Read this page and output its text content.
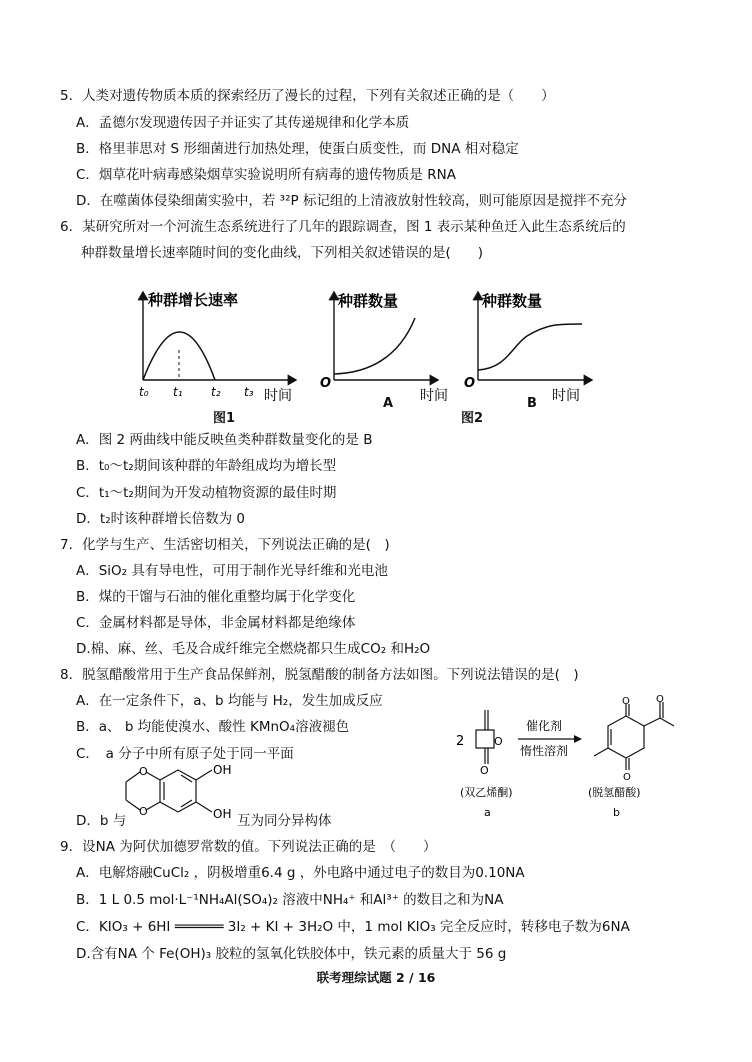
5．人类对遗传物质本质的探索经历了漫长的过程，下列有关叙述正确的是（　　）
A．孟德尔发现遗传因子并证实了其传递规律和化学本质
B．格里菲思对 S 形细菌进行加热处理，使蛋白质变性，而 DNA 相对稳定
C．烟草花叶病毒感染烟草实验说明所有病毒的遗传物质是 RNA
D．在噬菌体侵染细菌实验中，若 ³²P 标记组的上清液放射性较高，则可能原因是搅拌不充分
6．某研究所对一个河流生态系统进行了几年的跟踪调查，图 1 表示某种鱼迁入此生态系统后的
种群数量增长速率随时间的变化曲线，下列相关叙述错误的是(　　)
种群增长速率
时间
t₀ t₁ t₂ t₃
图1
种群数量
O
时间
A
种群数量
O
时间
图2
B
A．图 2 两曲线中能反映鱼类种群数量变化的是 B
B．t₀～t₂期间该种群的年龄组成均为增长型
C．t₁～t₂期间为开发动植物资源的最佳时期
D．t₂时该种群增长倍数为 0
7．化学与生产、生活密切相关，下列说法正确的是(　)
A．SiO₂ 具有导电性，可用于制作光导纤维和光电池
B．煤的干馏与石油的催化重整均属于化学变化
C．金属材料都是导体，非金属材料都是绝缘体
D.棉、麻、丝、毛及合成纤维完全燃烧都只生成CO₂ 和H₂O
8．脱氢醋酸常用于生产食品保鲜剂，脱氢醋酸的制备方法如图。下列说法错误的是(　)
A．在一定条件下，a、b 均能与 H₂，发生加成反应
B．a、 b 均能使溴水、酸性 KMnO₄溶液褪色
C．　a 分子中所有原子处于同一平面
O
O
OH
OH
D．b 与	互为同分异构体
2	O
O
催化剂
惰性溶剂
O	O
O
(双乙烯酮)	(脱氢醋酸)
a	b
9．设NA 为阿伏加德罗常数的值。下列说法正确的是　（　　）
A．电解熔融CuCl₂ ，阴极增重6.4 g ，外电路中通过电子的数目为0.10NA
B．1 L 0.5 mol·L⁻¹NH₄Al(SO₄)₂ 溶液中NH₄⁺ 和Al³⁺ 的数目之和为NA
C．KIO₃ + 6HI ══════ 3I₂ + KI + 3H₂O 中，1 mol KIO₃ 完全反应时，转移电子数为6NA
D.含有NA 个 Fe(OH)₃ 胶粒的氢氧化铁胶体中，铁元素的质量大于 56 g
联考理综试题 2 / 16
